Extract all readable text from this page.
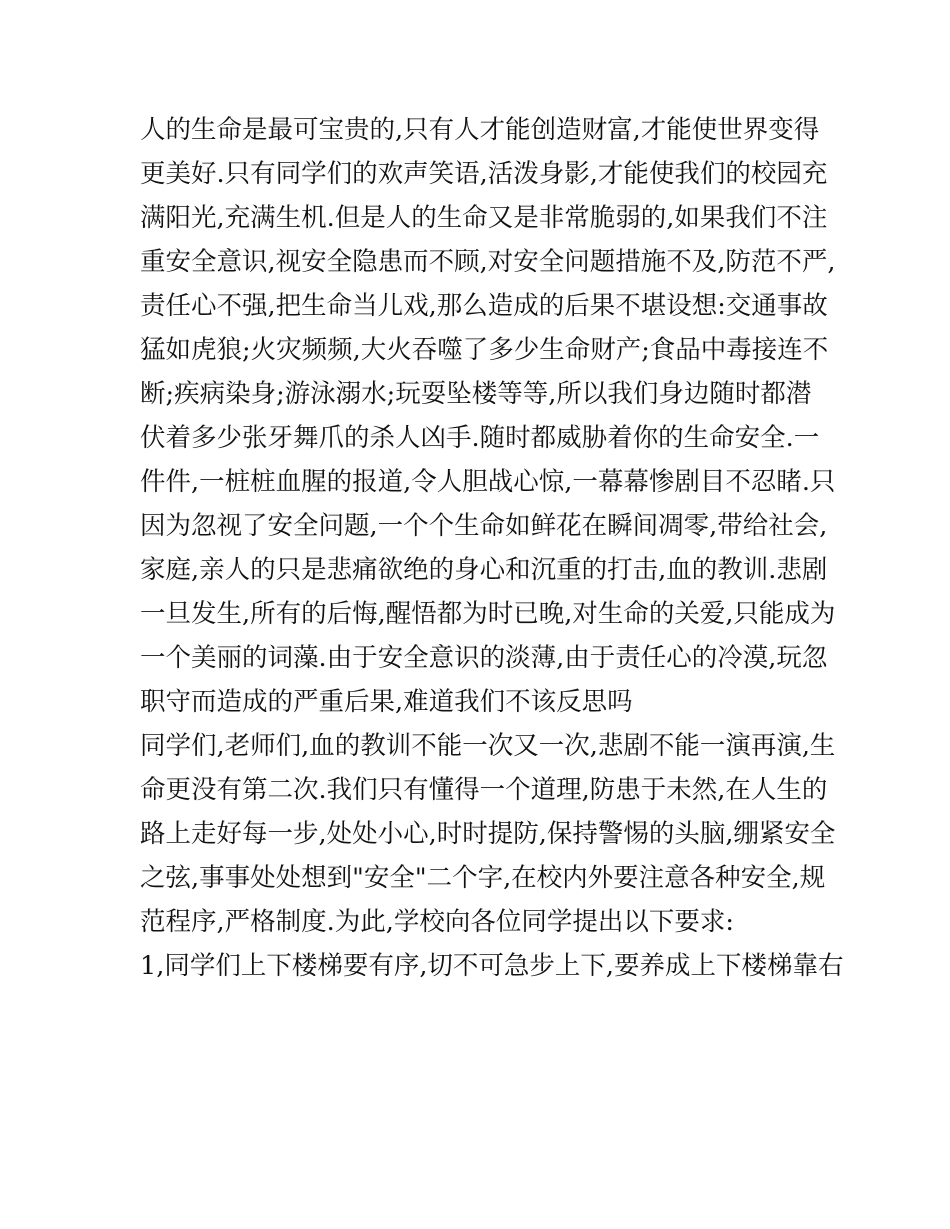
人的生命是最可宝贵的,只有人才能创造财富,才能使世界变得

更美好.只有同学们的欢声笑语,活泼身影,才能使我们的校园充

满阳光,充满生机.但是人的生命又是非常脆弱的,如果我们不注

重安全意识,视安全隐患而不顾,对安全问题措施不及,防范不严,

责任心不强,把生命当儿戏,那么造成的后果不堪设想:交通事故

猛如虎狼;火灾频频,大火吞噬了多少生命财产;食品中毒接连不

断;疾病染身;游泳溺水;玩耍坠楼等等,所以我们身边随时都潜

伏着多少张牙舞爪的杀人凶手.随时都威胁着你的生命安全.一

件件,一桩桩血腥的报道,令人胆战心惊,一幕幕惨剧目不忍睹.只

因为忽视了安全问题,一个个生命如鲜花在瞬间凋零,带给社会,

家庭,亲人的只是悲痛欲绝的身心和沉重的打击,血的教训.悲剧

一旦发生,所有的后悔,醒悟都为时已晚,对生命的关爱,只能成为

一个美丽的词藻.由于安全意识的淡薄,由于责任心的冷漠,玩忽

职守而造成的严重后果,难道我们不该反思吗

同学们,老师们,血的教训不能一次又一次,悲剧不能一演再演,生

命更没有第二次.我们只有懂得一个道理,防患于未然,在人生的

路上走好每一步,处处小心,时时提防,保持警惕的头脑,绷紧安全

之弦,事事处处想到"安全"二个字,在校内外要注意各种安全,规

范程序,严格制度.为此,学校向各位同学提出以下要求:

1,同学们上下楼梯要有序,切不可急步上下,要养成上下楼梯靠右
